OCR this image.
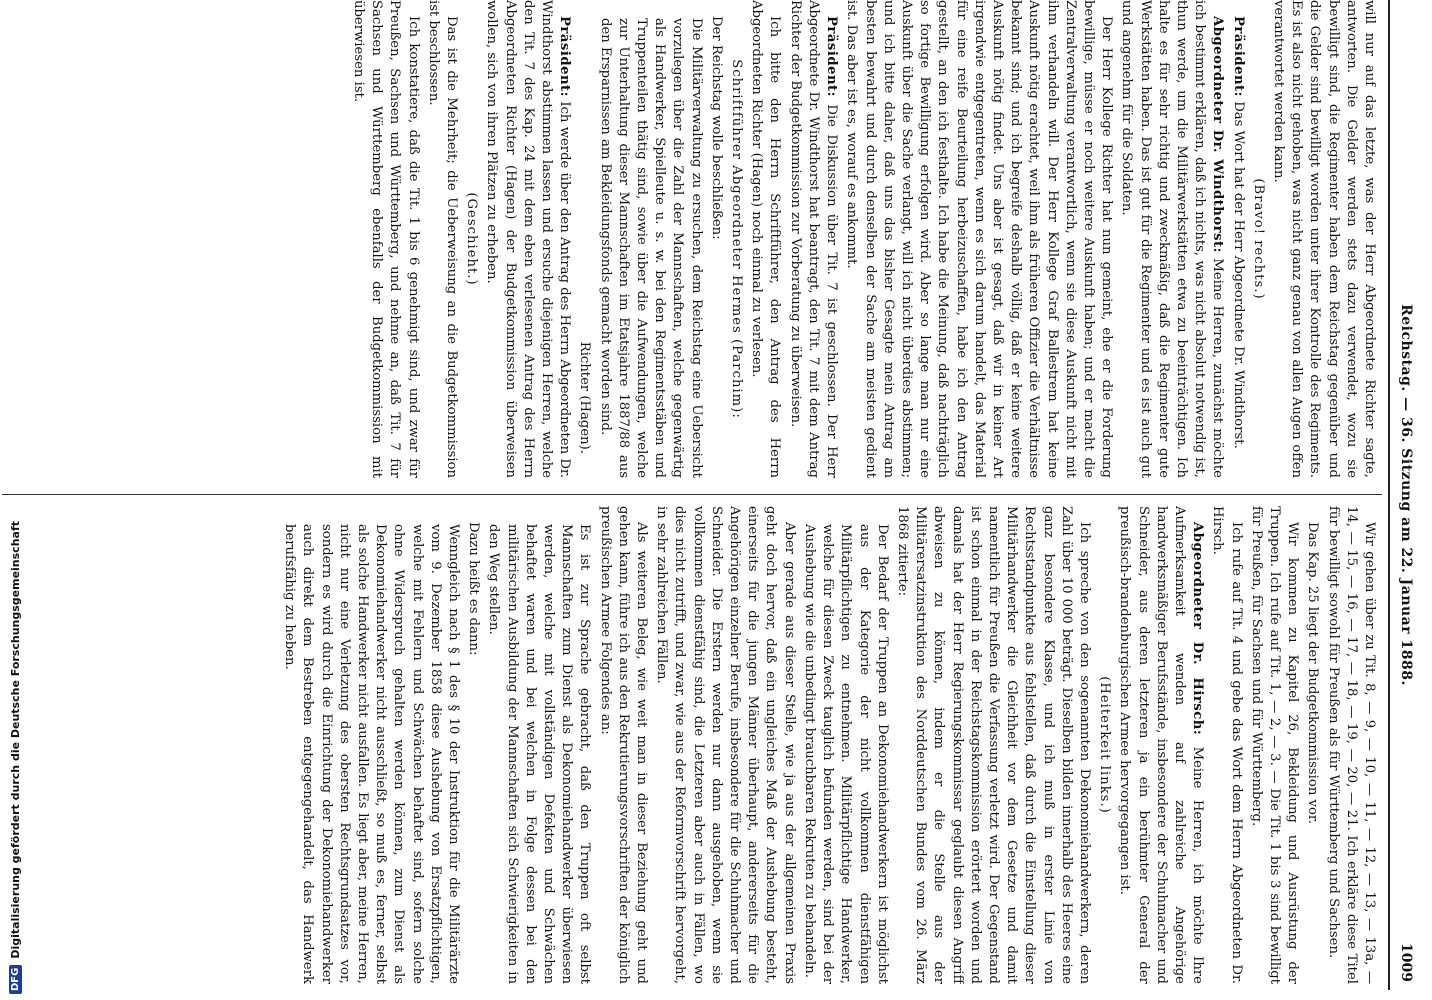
Reichstag. — 36. Sitzung am 22. Januar 1888.
1009

will nur auf das letzte, was der Herr Abgeordnete Richter sagte, antworten. Die Gelder werden stets dazu verwendet, wozu sie bewilligt sind, die Regimenter haben dem Reichstag gegenüber und die Gelder sind bewilligt worden unter ihrer Kontrolle des Regiments. Es ist also nicht gehoben, was nicht ganz genau von allen Augen offen verantwortet werden kann.

(Bravo! rechts.)

Präsident: Das Wort hat der Herr Abgeordnete Dr. Windthorst.

Abgeordneter Dr. Windthorst: Meine Herren, zunächst möchte ich bestimmt erklären, daß ich nichts, was nicht absolut notwendig ist, thun werde, um die Militärwerkstätten etwa zu beeinträchtigen. Ich halte es für sehr richtig und zweckmäßig, daß die Regimenter gute Werkstätten haben. Das ist gut für die Regimenter und es ist auch gut und angenehm für die Soldaten.

Der Herr Kollege Richter hat nun gemeint, ehe er die Forderung bewillige, müsse er noch weitere Auskunft haben; und er macht die Zentralverwaltung verantwortlich, wenn sie diese Auskunft nicht mit ihm verhandeln will. Der Herr Kollege Graf Ballestrem hat keine Auskunft nötig erachtet, weil ihm als früheren Offizier die Verhältnisse bekannt sind; und ich begreife deshalb völlig, daß er keine weitere Auskunft nötig findet. Uns aber ist gesagt, daß wir in keiner Art irgendwie entgegentreten, wenn es sich darum handelt, das Material für eine reife Beurteilung herbeizuschaffen, habe ich den Antrag gestellt, an den ich festhalte. Ich habe die Meinung, daß nachträglich so fortige Bewilligung erfolgen wird. Aber so lange man nur eine Auskunft über die Sache verlangt, will ich nicht überdies abstimmen; und ich bitte daher, daß uns das bisher Gesagte mein Antrag am besten bewahrt und durch denselben der Sache am meisten gedient ist. Das aber ist es, worauf es ankommt.

Präsident: Die Diskussion über Tit. 7 ist geschlossen. Der Herr Abgeordnete Dr. Windthorst hat beantragt, den Tit. 7 mit dem Antrag Richter der Budgetkommission zur Vorberatung zu überweisen.

Ich bitte den Herrn Schriftführer, den Antrag des Herrn Abgeordneten Richter (Hagen) noch einmal zu verlesen.

Schriftführer Abgeordneter Hermes (Parchim):

Der Reichstag wolle beschließen:

Die Militärverwaltung zu ersuchen, dem Reichstag eine Uebersicht vorzulegen über die Zahl der Mannschaften, welche gegenwärtig als Handwerker, Spielleute u. s. w. bei den Regimentsstäben und Truppenteilen thätig sind, sowie über die Aufwendungen, welche zur Unterhaltung dieser Mannschaften im Etatsjahre 1887/88 aus den Ersparnissen am Bekleidungsfonds gemacht worden sind.

Richter (Hagen).

Präsident: Ich werde über den Antrag des Herrn Abgeordneten Dr. Windthorst abstimmen lassen und ersuche diejenigen Herren, welche den Tit. 7 des Kap. 24 mit dem eben verlesenen Antrag des Herrn Abgeordneten Richter (Hagen) der Budgetkommission überweisen wollen, sich von ihren Plätzen zu erheben.

(Geschieht.)

Das ist die Mehrheit; die Ueberweisung an die Budgetkommission ist beschlossen.

Ich konstatiere, daß die Tit. 1 bis 6 genehmigt sind, und zwar für Preußen, Sachsen und Württemberg, und nehme an, daß Tit. 7 für Sachsen und Württemberg ebenfalls der Budgetkommission mit überwiesen ist.

Wir gehen über zu Tit. 8, — 9, — 10, — 11, — 12, — 13, — 13a, — 14, — 15, — 16, — 17, — 18, — 19, — 20, — 21. Ich erkläre diese Titel für bewilligt sowohl für Preußen als für Württemberg und Sachsen.

Das Kap. 25 liegt der Budgetkommission vor.

Wir kommen zu Kapitel 26, Bekleidung und Ausrüstung der Truppen. Ich rufe auf Tit. 1, — 2, — 3. — Die Tit. 1 bis 3 sind bewilligt für Preußen, für Sachsen und für Württemberg.

Ich rufe auf Tit. 4 und gebe das Wort dem Herrn Abgeordneten Dr. Hirsch.

Abgeordneter Dr. Hirsch: Meine Herren, ich möchte Ihre Aufmerksamkeit wenden auf zahlreiche Angehörige handwerksmäßiger Berufsstände, insbesondere der Schuhmacher und Schneider, aus deren letzteren ja ein berühmter General der preußisch-brandenburgischen Armee hervorgegangen ist.

(Heiterkeit links.)

Ich spreche von den sogenannten Dekonomiehandwerkern, deren Zahl über 10 000 beträgt. Dieselben bilden innerhalb des Heeres eine ganz besondere Klasse, und ich muß in erster Linie von Rechtsstandpunkte aus fehlstellen, daß durch die Einstellung dieser Militärhandwerker die Gleichheit vor dem Gesetze und damit namentlich für Preußen die Verfassung verletzt wird. Der Gegenstand ist schon einmal in der Reichstagskommission erörtert worden und damals hat der Herr Regierungskommissar geglaubt diesen Angriff abweisen zu können, indem er die Stelle aus der Militärersatzinstruktion des Norddeutschen Bundes vom 26. März 1868 zitierte:

Der Bedarf der Truppen an Dekonomiehandwerkern ist möglichst aus der Kategorie der nicht vollkommen dienstfähigen Militärpflichtigen zu entnehmen. Militärpflichtige Handwerker, welche für diesen Zweck tauglich befunden werden, sind bei der Aushebung wie die unbedingt brauchbaren Rekruten zu behandeln.

Aber gerade aus dieser Stelle, wie ja aus der allgemeinen Praxis geht doch hervor, daß ein ungleiches Maß der Aushebung besteht, einerseits für die jungen Männer überhaupt, andererseits für die Angehörigen einzelner Berufe, insbesondere für die Schuhmacher und Schneider. Die Erstern werden nur dann ausgehoben, wenn sie vollkommen dienstfähig sind, die Letzteren aber auch in Fällen, wo dies nicht zutrifft, und zwar, wie aus der Reformvorschrift hervorgeht, in sehr zahlreichen Fällen.

Als weiteren Beleg, wie weit man in dieser Beziehung geht und gehen kann, führe ich aus den Rekrutierungsvorschriften der königlich preußischen Armee Folgendes an:

Es ist zur Sprache gebracht, daß den Truppen oft selbst Mannschaften zum Dienst als Dekonomiehandwerker überwiesen werden, welche mit vollständigen Defekten und Schwächen behaftet waren und bei welchen in Folge dessen bei den militärischen Ausbildung der Mannschaften sich Schwierigkeiten in den Weg stellen.

Dazu heißt es dann:

Wenngleich nach § 1 des § 10 der Instruktion für die Militärärzte vom 9. Dezember 1858 diese Aushebung von Ersatzpflichtigen, welche mit Fehlern und Schwächen behaftet sind, sofern solche ohne Widerspruch gehalten werden können, zum Dienst als Dekonomiehandwerker nicht ausschließt, so muß es, ferner, selbst als solche Handwerker nicht ausfallen. Es liegt aber, meine Herren, nicht nur eine Verletzung des obersten Rechtsgrundsatzes vor, sondern es wird durch die Einrichtung der Dekonomiehandwerker auch direkt dem Bestreben entgegengehandelt, das Handwerk berufsfähig zu heben.

DFG
Digitalisierung gefördert durch die Deutsche Forschungsgemeinschaft
